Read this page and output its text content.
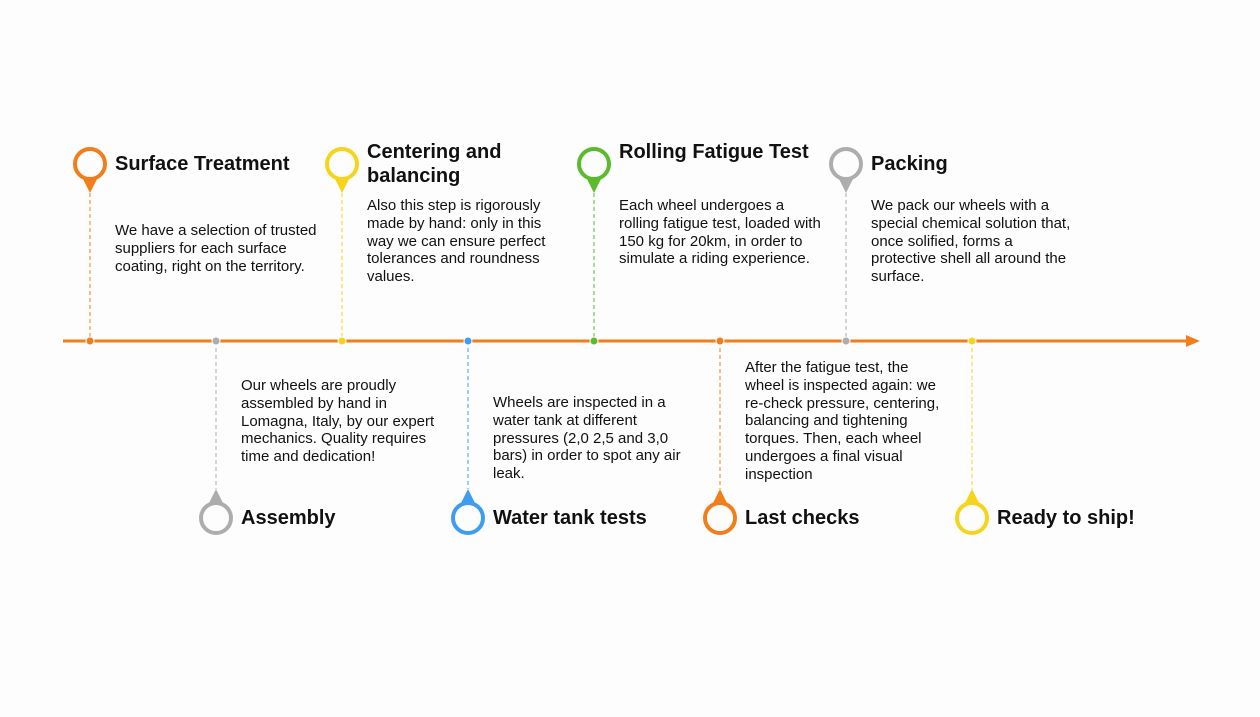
Surface Treatment
We have a selection of trusted suppliers for each surface coating, right on the territory.
Assembly
Our wheels are proudly assembled by hand in Lomagna, Italy, by our expert mechanics. Quality requires time and dedication!
Centering and balancing
Also this step is rigorously made by hand: only in this way we can ensure perfect tolerances and roundness values.
Water tank tests
Wheels are inspected in a water tank at different pressures (2,0 2,5 and 3,0 bars) in order to spot any air leak.
Rolling Fatigue Test
Each wheel undergoes a rolling fatigue test, loaded with 150 kg for 20km, in order to simulate a riding experience.
Last checks
After the fatigue test, the wheel is inspected again: we re-check pressure, centering, balancing and tightening torques. Then, each wheel undergoes a final visual inspection
Packing
We pack our wheels with a special chemical solution that, once solified, forms a protective shell all around the surface.
Ready to ship!
